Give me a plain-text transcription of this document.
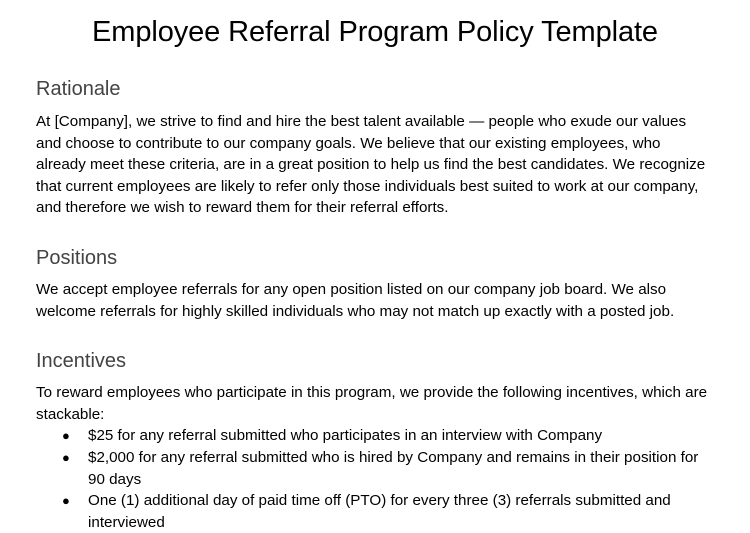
Employee Referral Program Policy Template
Rationale

At [Company], we strive to find and hire the best talent available — people who exude our values and choose to contribute to our company goals. We believe that our existing employees, who already meet these criteria, are in a great position to help us find the best candidates. We recognize that current employees are likely to refer only those individuals best suited to work at our company, and therefore we wish to reward them for their referral efforts.

Positions

We accept employee referrals for any open position listed on our company job board. We also welcome referrals for highly skilled individuals who may not match up exactly with a posted job.

Incentives

To reward employees who participate in this program, we provide the following incentives, which are stackable:

● $25 for any referral submitted who participates in an interview with Company
● $2,000 for any referral submitted who is hired by Company and remains in their position for 90 days
● One (1) additional day of paid time off (PTO) for every three (3) referrals submitted and interviewed
